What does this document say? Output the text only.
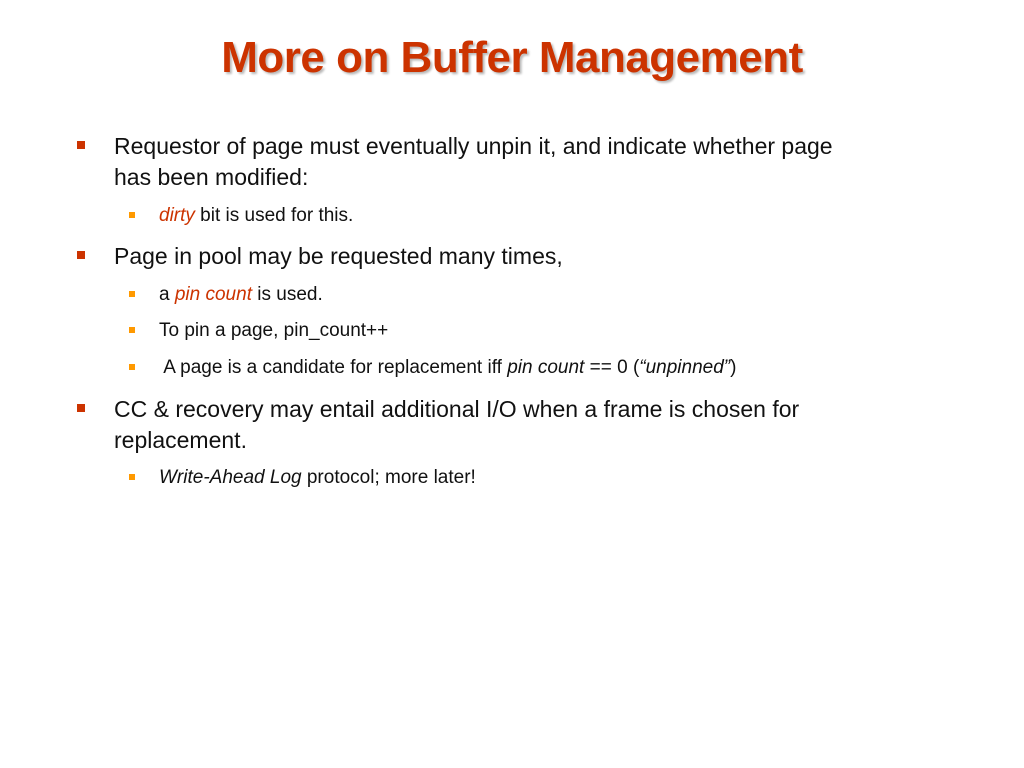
More on Buffer Management
Requestor of page must eventually unpin it, and indicate whether page
has been modified:
dirty bit is used for this.
Page in pool may be requested many times,
a pin count is used.
To pin a page, pin_count++
A page is a candidate for replacement iff pin count == 0 (“unpinned”)
CC & recovery may entail additional I/O when a frame is chosen for
replacement.
Write-Ahead Log protocol; more later!
